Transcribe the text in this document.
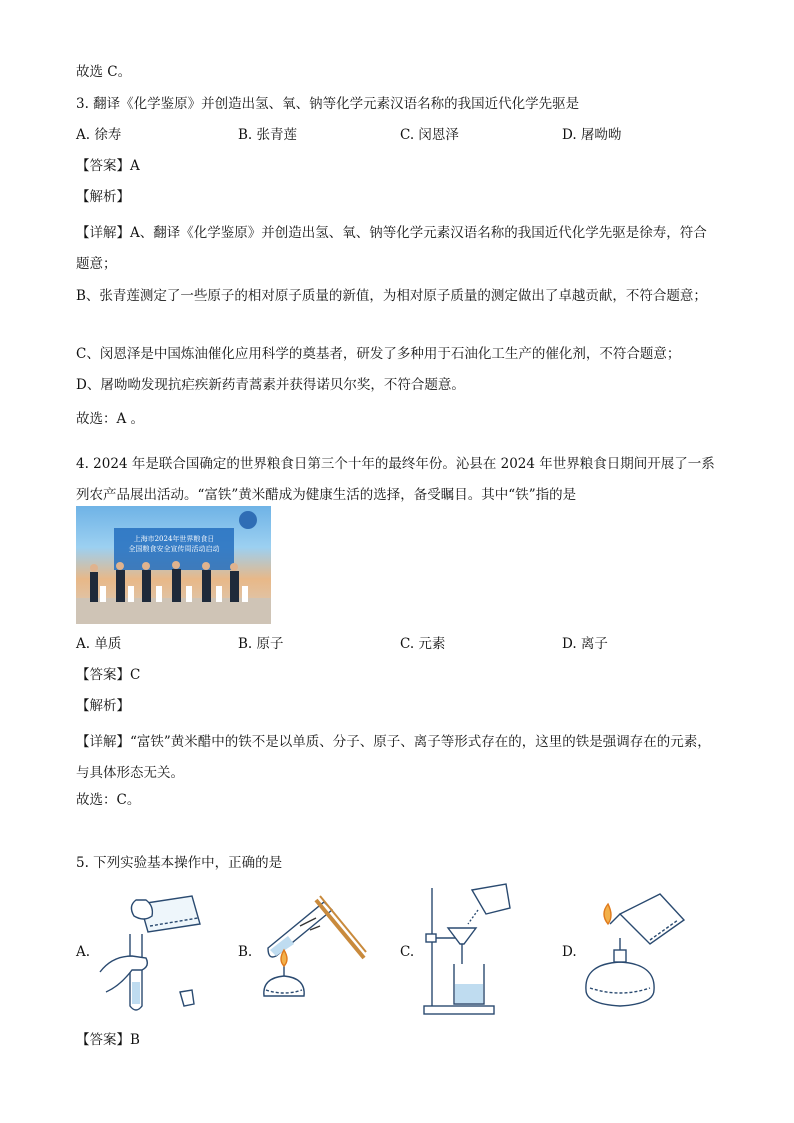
故选 C。
3. 翻译《化学鉴原》并创造出氢、氧、钠等化学元素汉语名称的我国近代化学先驱是
A. 徐寿	B. 张青莲	C. 闵恩泽	D. 屠呦呦
【答案】A
【解析】
【详解】A、翻译《化学鉴原》并创造出氢、氧、钠等化学元素汉语名称的我国近代化学先驱是徐寿，符合题意；
B、张青莲测定了一些原子的相对原子质量的新值，为相对原子质量的测定做出了卓越贡献，不符合题意；
C、闵恩泽是中国炼油催化应用科学的奠基者，研发了多种用于石油化工生产的催化剂，不符合题意；
D、屠呦呦发现抗疟疾新药青蒿素并获得诺贝尔奖，不符合题意。
故选：A 。
4. 2024 年是联合国确定的世界粮食日第三个十年的最终年份。沁县在 2024 年世界粮食日期间开展了一系列农产品展出活动。“富铁”黄米醋成为健康生活的选择，备受瞩目。其中“铁”指的是
上海市2024年世界粮食日
全国粮食安全宣传周活动启动
A. 单质	B. 原子	C. 元素	D. 离子
【答案】C
【解析】
【详解】“富铁”黄米醋中的铁不是以单质、分子、原子、离子等形式存在的，这里的铁是强调存在的元素，与具体形态无关。
故选：C。
5. 下列实验基本操作中，正确的是
A.	B.	C.	D.
【答案】B
